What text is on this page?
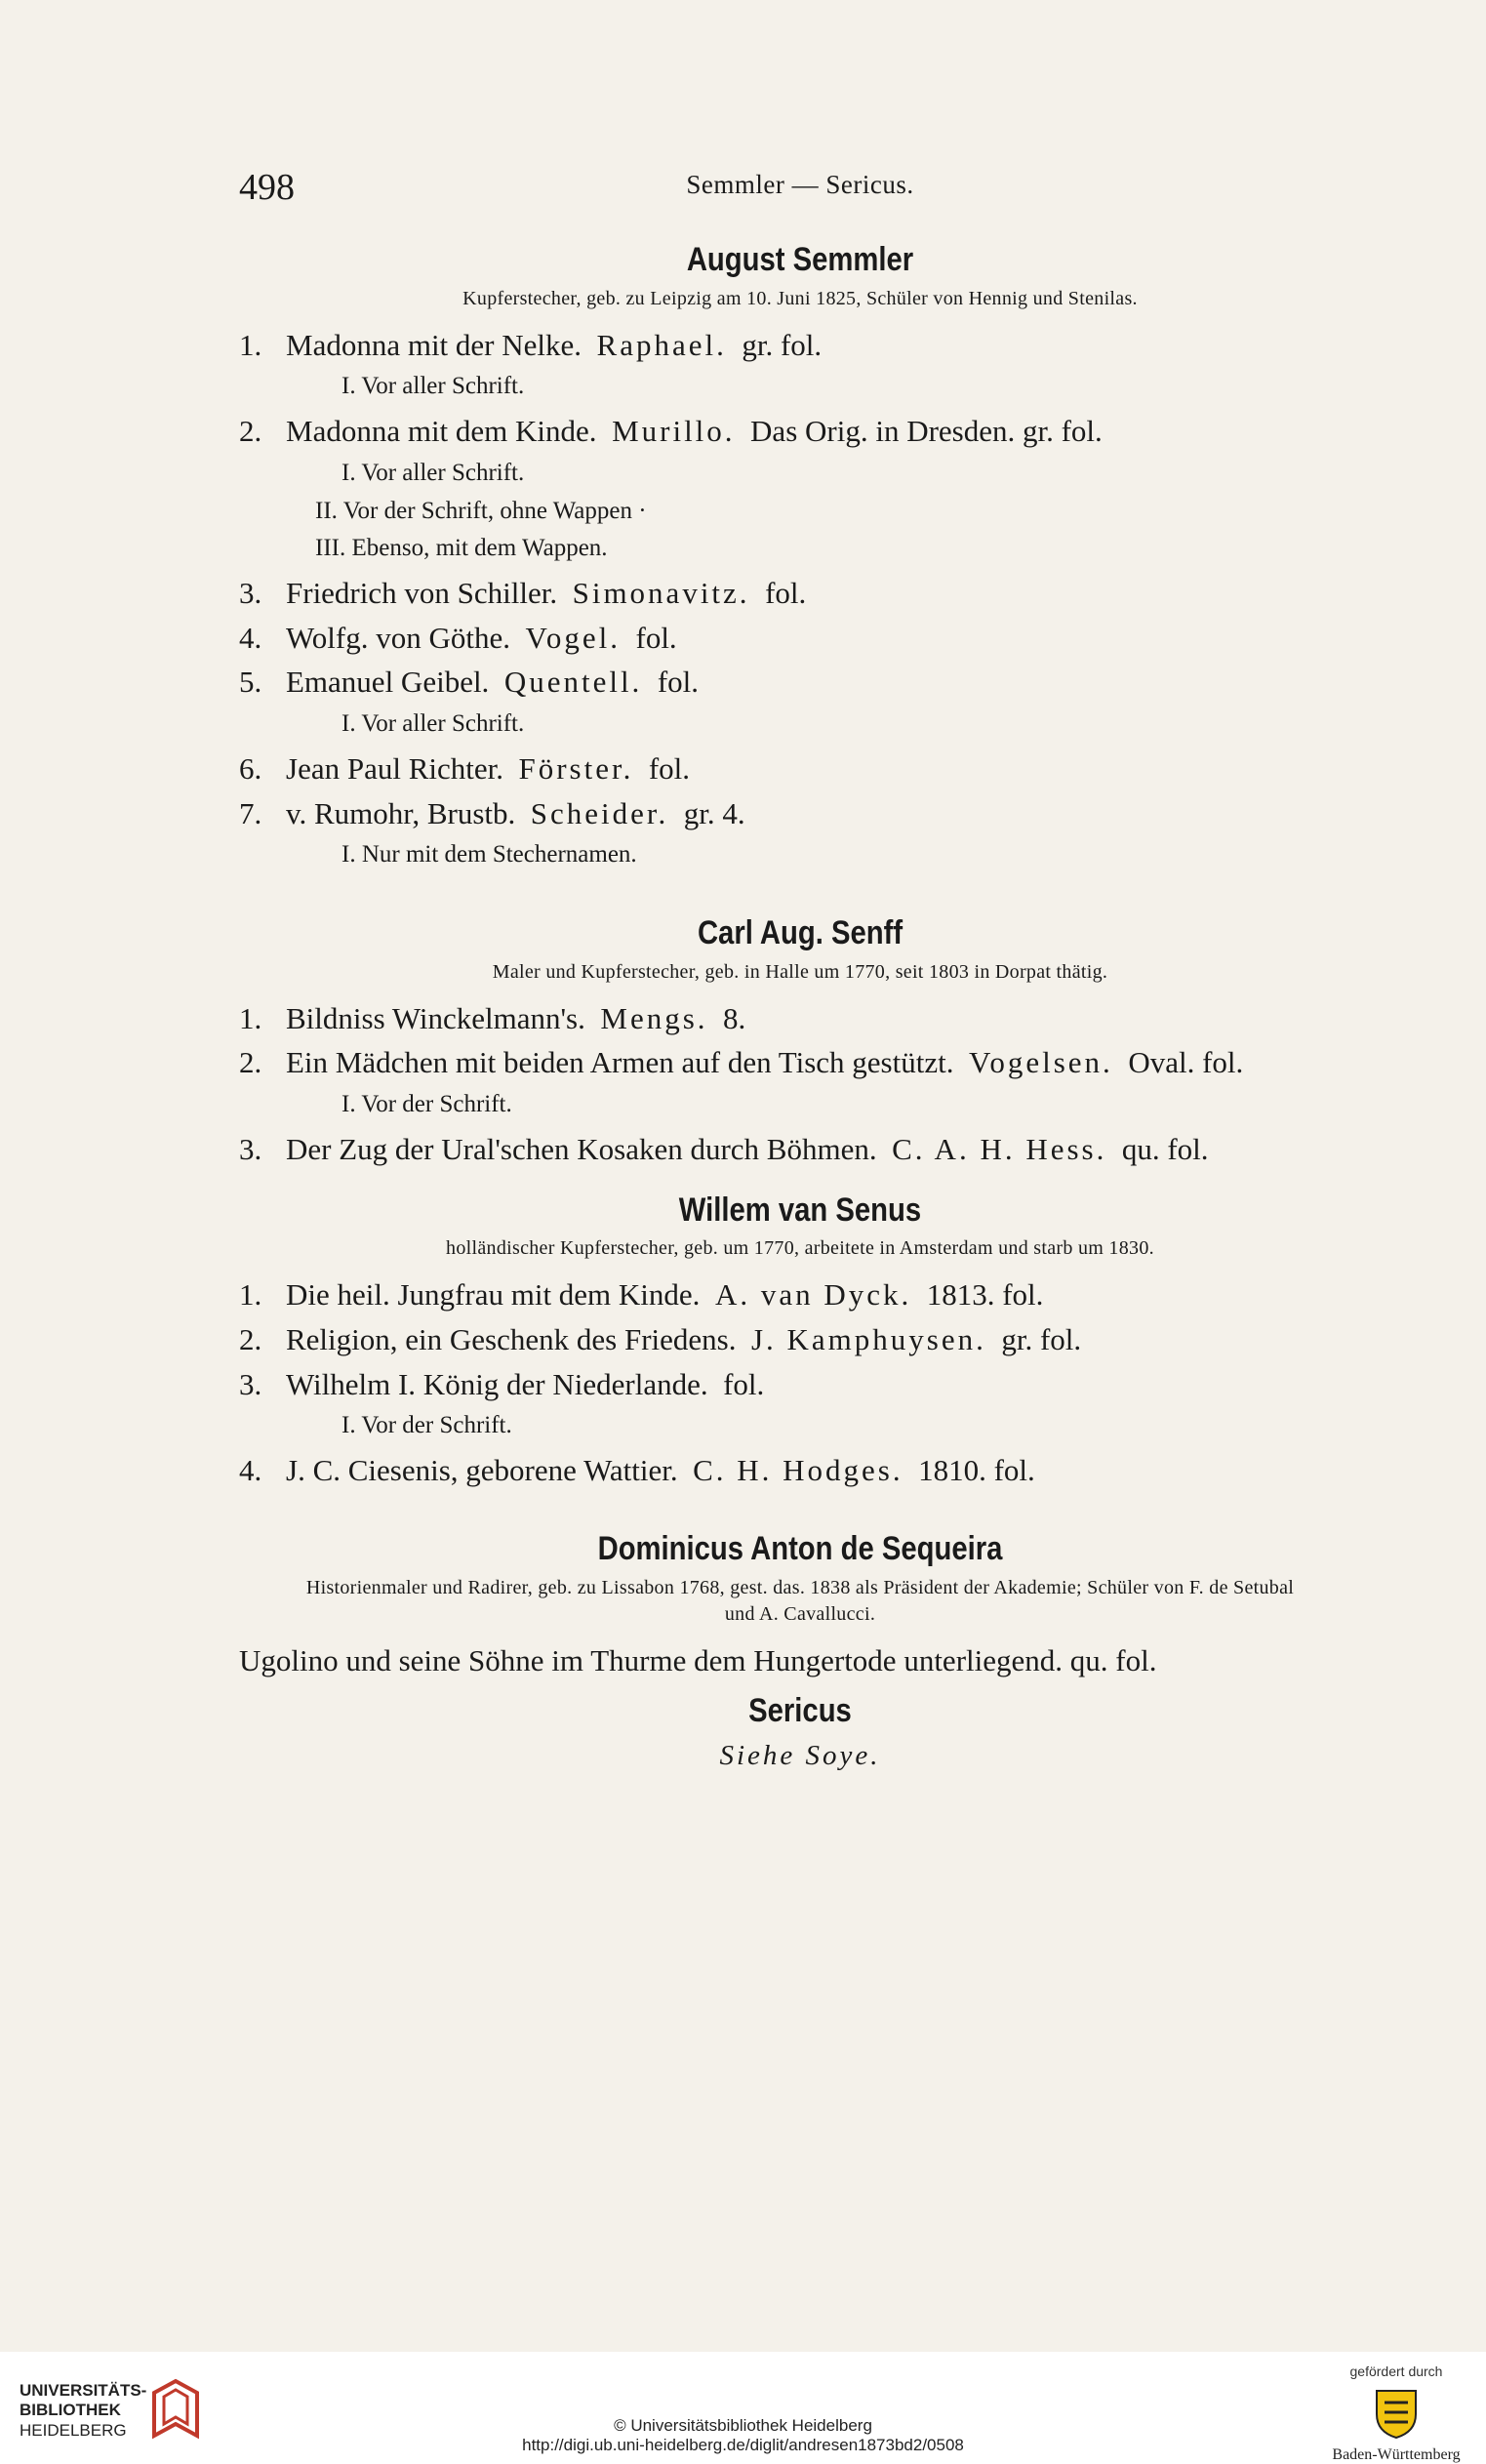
498	Semmler — Sericus.
August Semmler
Kupferstecher, geb. zu Leipzig am 10. Juni 1825, Schüler von Hennig und Stenilas.
1. Madonna mit der Nelke. Raphael. gr. fol.
I. Vor aller Schrift.
2. Madonna mit dem Kinde. Murillo. Das Orig. in Dresden. gr. fol.
I. Vor aller Schrift.
II. Vor der Schrift, ohne Wappen ·
III. Ebenso, mit dem Wappen.
3. Friedrich von Schiller. Simonavitz. fol.
4. Wolfg. von Göthe. Vogel. fol.
5. Emanuel Geibel. Quentell. fol.
I. Vor aller Schrift.
6. Jean Paul Richter. Förster. fol.
7. v. Rumohr, Brustb. Scheider. gr. 4.
I. Nur mit dem Stechernamen.
Carl Aug. Senff
Maler und Kupferstecher, geb. in Halle um 1770, seit 1803 in Dorpat thätig.
1. Bildniss Winckelmann's. Mengs. 8.
2. Ein Mädchen mit beiden Armen auf den Tisch gestützt. Vogelsen. Oval. fol.
I. Vor der Schrift.
3. Der Zug der Ural'schen Kosaken durch Böhmen. C. A. H. Hess. qu. fol.
Willem van Senus
holländischer Kupferstecher, geb. um 1770, arbeitete in Amsterdam und starb um 1830.
1. Die heil. Jungfrau mit dem Kinde. A. van Dyck. 1813. fol.
2. Religion, ein Geschenk des Friedens. J. Kamphuysen. gr. fol.
3. Wilhelm I. König der Niederlande. fol.
I. Vor der Schrift.
4. J. C. Ciesenis, geborene Wattier. C. H. Hodges. 1810. fol.
Dominicus Anton de Sequeira
Historienmaler und Radirer, geb. zu Lissabon 1768, gest. das. 1838 als Präsident der Akademie; Schüler von F. de Setubal und A. Cavallucci.
Ugolino und seine Söhne im Thurme dem Hungertode unterliegend. qu. fol.
Sericus
Siehe Soye.
UNIVERSITÄTS-
BIBLIOTHEK
HEIDELBERG	© Universitätsbibliothek Heidelberg
http://digi.ub.uni-heidelberg.de/diglit/andresen1873bd2/0508
gefördert durch
Baden-Württemberg
